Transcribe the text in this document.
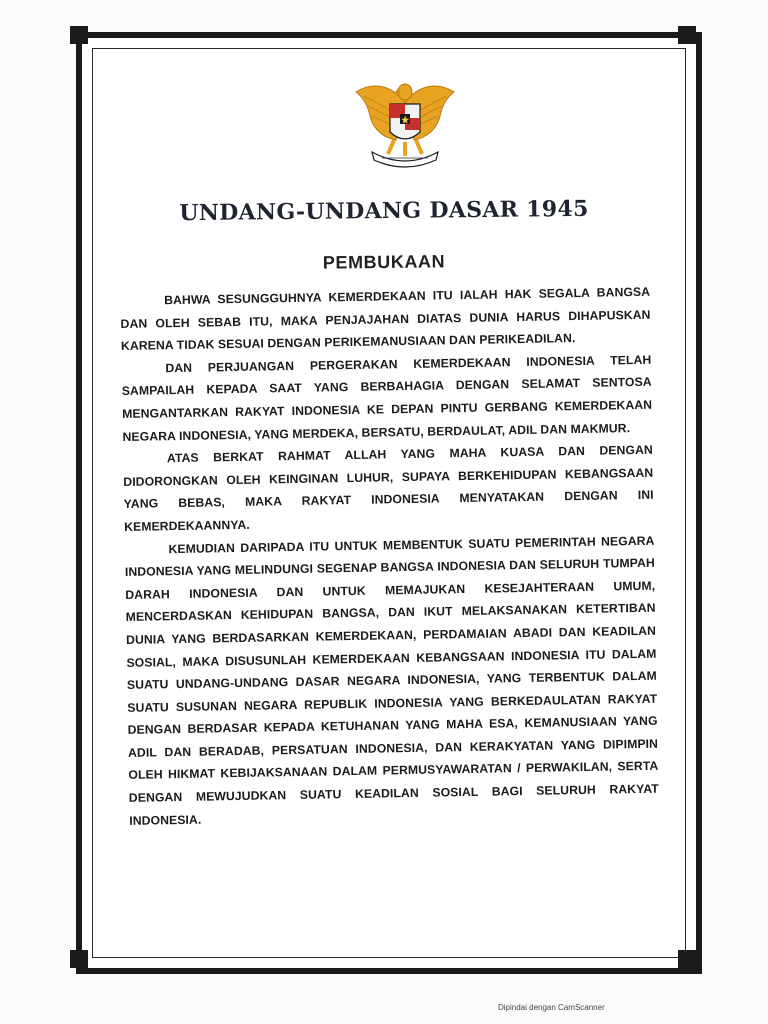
UNDANG-UNDANG DASAR 1945
PEMBUKAAN

BAHWA SESUNGGUHNYA KEMERDEKAAN ITU IALAH HAK SEGALA BANGSA DAN OLEH SEBAB ITU, MAKA PENJAJAHAN DIATAS DUNIA HARUS DIHAPUSKAN KARENA TIDAK SESUAI DENGAN PERIKEMANUSIAAN DAN PERIKEADILAN.

DAN PERJUANGAN PERGERAKAN KEMERDEKAAN INDONESIA TELAH SAMPAILAH KEPADA SAAT YANG BERBAHAGIA DENGAN SELAMAT SENTOSA MENGANTARKAN RAKYAT INDONESIA KE DEPAN PINTU GERBANG KEMERDEKAAN NEGARA INDONESIA, YANG MERDEKA, BERSATU, BERDAULAT, ADIL DAN MAKMUR.

ATAS BERKAT RAHMAT ALLAH YANG MAHA KUASA DAN DENGAN DIDORONGKAN OLEH KEINGINAN LUHUR, SUPAYA BERKEHIDUPAN KEBANGSAAN YANG BEBAS, MAKA RAKYAT INDONESIA MENYATAKAN DENGAN INI KEMERDEKAANNYA.

KEMUDIAN DARIPADA ITU UNTUK MEMBENTUK SUATU PEMERINTAH NEGARA INDONESIA YANG MELINDUNGI SEGENAP BANGSA INDONESIA DAN SELURUH TUMPAH DARAH INDONESIA DAN UNTUK MEMAJUKAN KESEJAHTERAAN UMUM, MENCERDASKAN KEHIDUPAN BANGSA, DAN IKUT MELAKSANAKAN KETERTIBAN DUNIA YANG BERDASARKAN KEMERDEKAAN, PERDAMAIAN ABADI DAN KEADILAN SOSIAL, MAKA DISUSUNLAH KEMERDEKAAN KEBANGSAAN INDONESIA ITU DALAM SUATU UNDANG-UNDANG DASAR NEGARA INDONESIA, YANG TERBENTUK DALAM SUATU SUSUNAN NEGARA REPUBLIK INDONESIA YANG BERKEDAULATAN RAKYAT DENGAN BERDASAR KEPADA KETUHANAN YANG MAHA ESA, KEMANUSIAAN YANG ADIL DAN BERADAB, PERSATUAN INDONESIA, DAN KERAKYATAN YANG DIPIMPIN OLEH HIKMAT KEBIJAKSANAAN DALAM PERMUSYAWARATAN / PERWAKILAN, SERTA DENGAN MEWUJUDKAN SUATU KEADILAN SOSIAL BAGI SELURUH RAKYAT INDONESIA.

Dipindai dengan CamScanner
